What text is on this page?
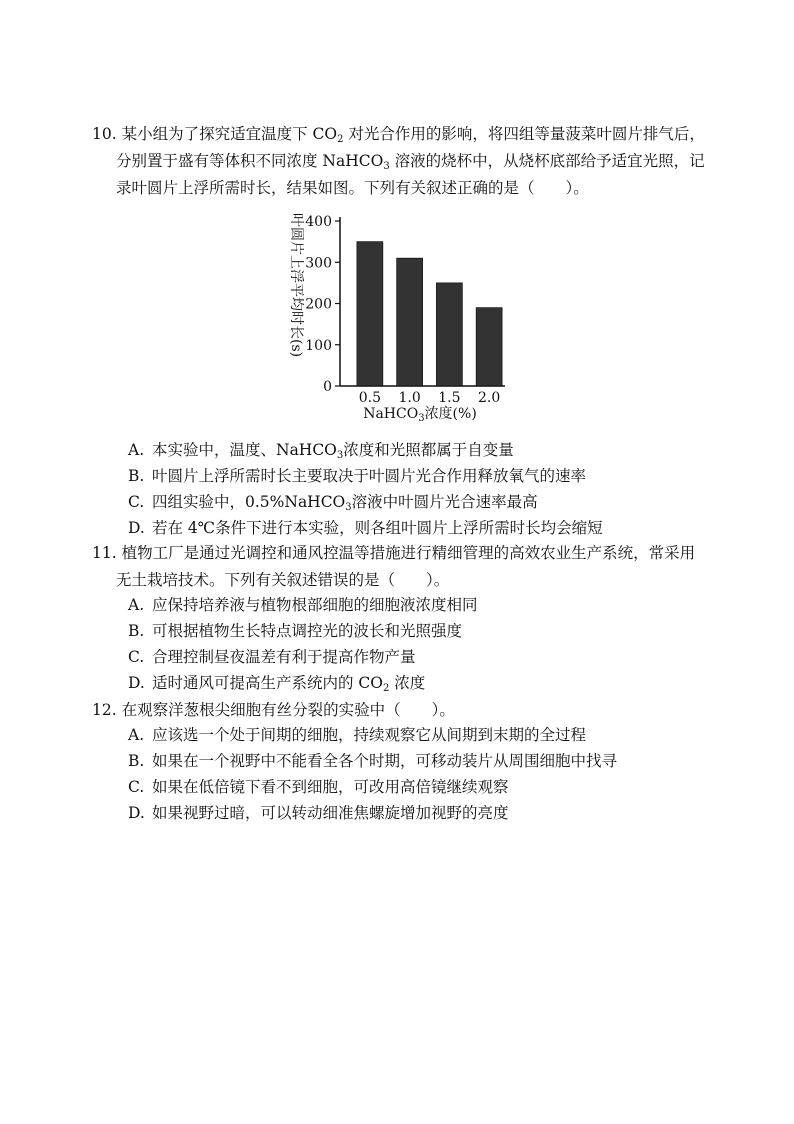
10. 某小组为了探究适宜温度下 $CO_2$ 对光合作用的影响，将四组等量菠菜叶圆片排气后，
分别置于盛有等体积不同浓度 NaHCO$_3$ 溶液的烧杯中，从烧杯底部给予适宜光照，记
录叶圆片上浮所需时长，结果如图。下列有关叙述正确的是（　　）。
叶圆片上浮平均时长(s)
0
100
200
300
400
0.5 1.0 1.5 2.0
NaHCO$_3$浓度(%)
A. 本实验中，温度、NaHCO$_3$浓度和光照都属于自变量
B. 叶圆片上浮所需时长主要取决于叶圆片光合作用释放氧气的速率
C. 四组实验中，0.5%NaHCO$_3$溶液中叶圆片光合速率最高
D. 若在 4℃条件下进行本实验，则各组叶圆片上浮所需时长均会缩短
11. 植物工厂是通过光调控和通风控温等措施进行精细管理的高效农业生产系统，常采用
无土栽培技术。下列有关叙述错误的是（　　）。
A. 应保持培养液与植物根部细胞的细胞液浓度相同
B. 可根据植物生长特点调控光的波长和光照强度
C. 合理控制昼夜温差有利于提高作物产量
D. 适时通风可提高生产系统内的 $CO_2$ 浓度
12. 在观察洋葱根尖细胞有丝分裂的实验中（　　）。
A. 应该选一个处于间期的细胞，持续观察它从间期到末期的全过程
B. 如果在一个视野中不能看全各个时期，可移动装片从周围细胞中找寻
C. 如果在低倍镜下看不到细胞，可改用高倍镜继续观察
D. 如果视野过暗，可以转动细准焦螺旋增加视野的亮度
